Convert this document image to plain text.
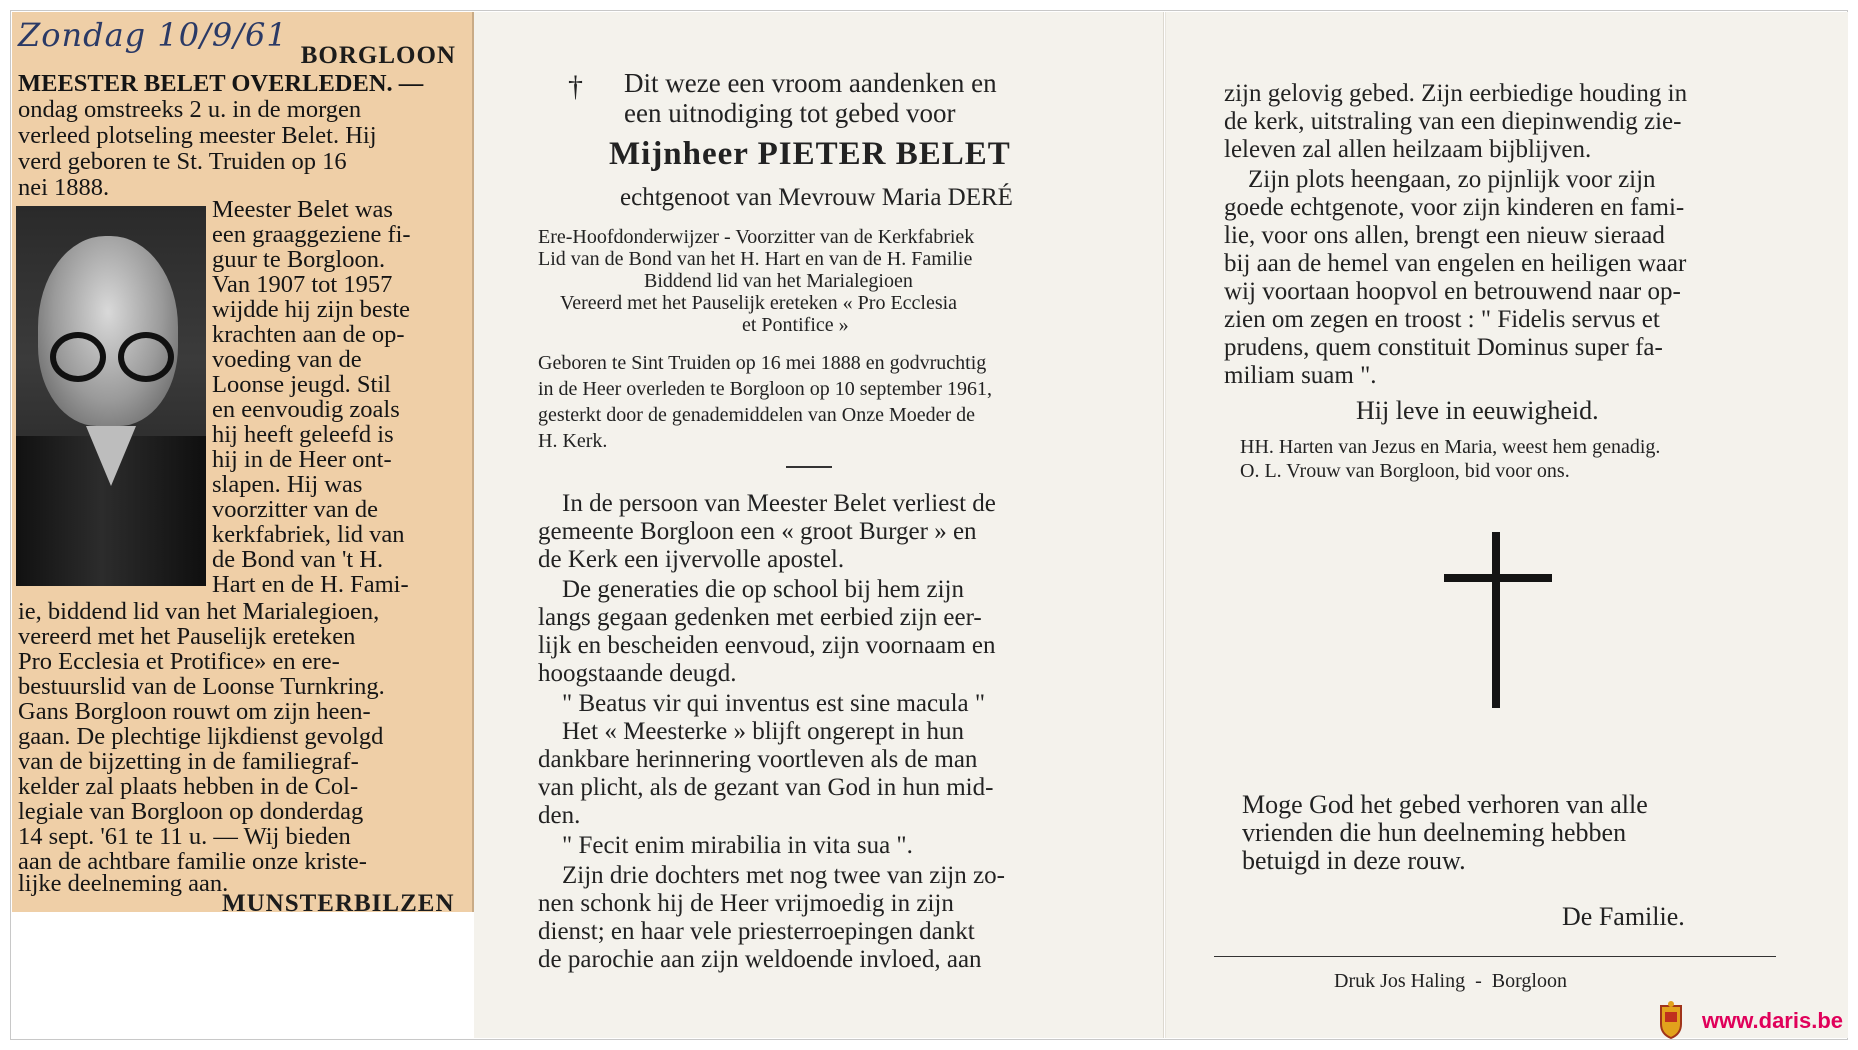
Zondag 10/9/61
BORGLOON
MEESTER BELET OVERLEDEN. —
ondag omstreeks 2 u. in de morgen
verleed plotseling meester Belet. Hij
verd geboren te St. Truiden op 16
nei 1888.
Meester Belet was
een graaggeziene fi-
guur te Borgloon.
Van 1907 tot 1957
wijdde hij zijn beste
krachten aan de op-
voeding van de
Loonse jeugd. Stil
en eenvoudig zoals
hij heeft geleefd is
hij in de Heer ont-
slapen. Hij was
voorzitter van de
kerkfabriek, lid van
de Bond van 't H.
Hart en de H. Fami-
ie, biddend lid van het Marialegioen,
vereerd met het Pauselijk ereteken
Pro Ecclesia et Protifice» en ere-
bestuurslid van de Loonse Turnkring.
Gans Borgloon rouwt om zijn heen-
gaan. De plechtige lijkdienst gevolgd
van de bijzetting in de familiegraf-
kelder zal plaats hebben in de Col-
legiale van Borgloon op donderdag
14 sept. '61 te 11 u. — Wij bieden
aan de achtbare familie onze kriste-
lijke deelneming aan.
MUNSTERBILZEN
† Dit weze een vroom aandenken en
een uitnodiging tot gebed voor
Mijnheer PIETER BELET
echtgenoot van Mevrouw Maria DERÉ
Ere-Hoofdonderwijzer - Voorzitter van de Kerkfabriek
Lid van de Bond van het H. Hart en van de H. Familie
Biddend lid van het Marialegioen
Vereerd met het Pauselijk ereteken « Pro Ecclesia
et Pontifice »
Geboren te Sint Truiden op 16 mei 1888 en godvruchtig
in de Heer overleden te Borgloon op 10 september 1961,
gesterkt door de genademiddelen van Onze Moeder de
H. Kerk.
In de persoon van Meester Belet verliest de
gemeente Borgloon een « groot Burger » en
de Kerk een ijvervolle apostel.
De generaties die op school bij hem zijn
langs gegaan gedenken met eerbied zijn eer-
lijk en bescheiden eenvoud, zijn voornaam en
hoogstaande deugd.
" Beatus vir qui inventus est sine macula "
Het « Meesterke » blijft ongerept in hun
dankbare herinnering voortleven als de man
van plicht, als de gezant van God in hun mid-
den.
" Fecit enim mirabilia in vita sua ".
Zijn drie dochters met nog twee van zijn zo-
nen schonk hij de Heer vrijmoedig in zijn
dienst; en haar vele priesterroepingen dankt
de parochie aan zijn weldoende invloed, aan
zijn gelovig gebed. Zijn eerbiedige houding in
de kerk, uitstraling van een diepinwendig zie-
leleven zal allen heilzaam bijblijven.
Zijn plots heengaan, zo pijnlijk voor zijn
goede echtgenote, voor zijn kinderen en fami-
lie, voor ons allen, brengt een nieuw sieraad
bij aan de hemel van engelen en heiligen waar
wij voortaan hoopvol en betrouwend naar op-
zien om zegen en troost : " Fidelis servus et
prudens, quem constituit Dominus super fa-
miliam suam ".
Hij leve in eeuwigheid.
HH. Harten van Jezus en Maria, weest hem genadig.
O. L. Vrouw van Borgloon, bid voor ons.
Moge God het gebed verhoren van alle
vrienden die hun deelneming hebben
betuigd in deze rouw.
De Familie.
Druk Jos Haling  -  Borgloon
www.daris.be
